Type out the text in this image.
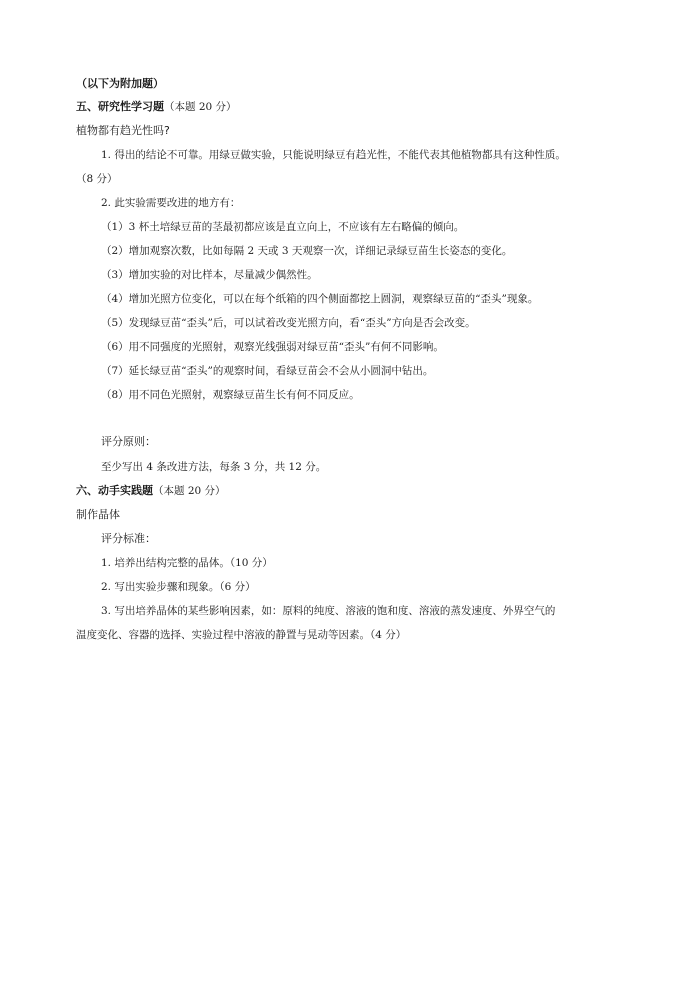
（以下为附加题）
五、研究性学习题（本题 20 分）
植物都有趋光性吗?
1. 得出的结论不可靠。用绿豆做实验，只能说明绿豆有趋光性，不能代表其他植物都具有这种性质。
（8 分）
2. 此实验需要改进的地方有：
（1）3 杯土培绿豆苗的茎最初都应该是直立向上，不应该有左右略偏的倾向。
（2）增加观察次数，比如每隔 2 天或 3 天观察一次，详细记录绿豆苗生长姿态的变化。
（3）增加实验的对比样本，尽量减少偶然性。
（4）增加光照方位变化，可以在每个纸箱的四个侧面都挖上圆洞，观察绿豆苗的“歪头”现象。
（5）发现绿豆苗“歪头”后，可以试着改变光照方向，看“歪头”方向是否会改变。
（6）用不同强度的光照射，观察光线强弱对绿豆苗“歪头”有何不同影响。
（7）延长绿豆苗“歪头”的观察时间，看绿豆苗会不会从小圆洞中钻出。
（8）用不同色光照射，观察绿豆苗生长有何不同反应。
评分原则：
至少写出 4 条改进方法，每条 3 分，共 12 分。
六、动手实践题（本题 20 分）
制作晶体
评分标准：
1. 培养出结构完整的晶体。（10 分）
2. 写出实验步骤和现象。（6 分）
3. 写出培养晶体的某些影响因素，如：原料的纯度、溶液的饱和度、溶液的蒸发速度、外界空气的
温度变化、容器的选择、实验过程中溶液的静置与晃动等因素。（4 分）
